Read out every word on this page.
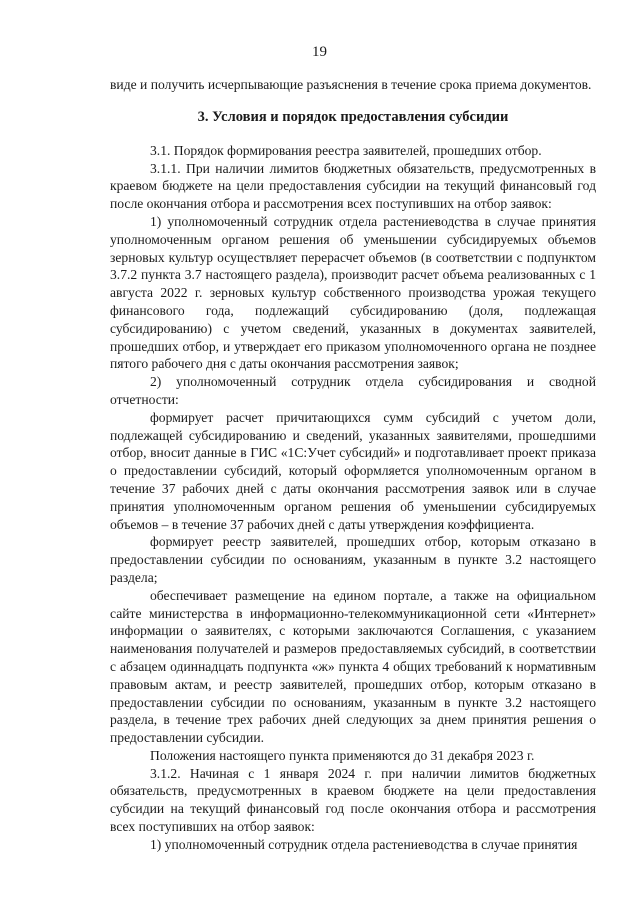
19

виде и получить исчерпывающие разъяснения в течение срока приема документов.

3. Условия и порядок предоставления субсидии

3.1. Порядок формирования реестра заявителей, прошедших отбор.

3.1.1. При наличии лимитов бюджетных обязательств, предусмотренных в краевом бюджете на цели предоставления субсидии на текущий финансовый год после окончания отбора и рассмотрения всех поступивших на отбор заявок:

1) уполномоченный сотрудник отдела растениеводства в случае принятия уполномоченным органом решения об уменьшении субсидируемых объемов зерновых культур осуществляет перерасчет объемов (в соответствии с подпунктом 3.7.2 пункта 3.7 настоящего раздела), производит расчет объема реализованных с 1 августа 2022 г. зерновых культур собственного производства урожая текущего финансового года, подлежащий субсидированию (доля, подлежащая субсидированию) с учетом сведений, указанных в документах заявителей, прошедших отбор, и утверждает его приказом уполномоченного органа не позднее пятого рабочего дня с даты окончания рассмотрения заявок;

2) уполномоченный сотрудник отдела субсидирования и сводной отчетности:

формирует расчет причитающихся сумм субсидий с учетом доли, подлежащей субсидированию и сведений, указанных заявителями, прошедшими отбор, вносит данные в ГИС «1С:Учет субсидий» и подготавливает проект приказа о предоставлении субсидий, который оформляется уполномоченным органом в течение 37 рабочих дней с даты окончания рассмотрения заявок или в случае принятия уполномоченным органом решения об уменьшении субсидируемых объемов – в течение 37 рабочих дней с даты утверждения коэффициента.

формирует реестр заявителей, прошедших отбор, которым отказано в предоставлении субсидии по основаниям, указанным в пункте 3.2 настоящего раздела;

обеспечивает размещение на едином портале, а также на официальном сайте министерства в информационно-телекоммуникационной сети «Интернет» информации о заявителях, с которыми заключаются Соглашения, с указанием наименования получателей и размеров предоставляемых субсидий, в соответствии с абзацем одиннадцать подпункта «ж» пункта 4 общих требований к нормативным правовым актам, и реестр заявителей, прошедших отбор, которым отказано в предоставлении субсидии по основаниям, указанным в пункте 3.2 настоящего раздела, в течение трех рабочих дней следующих за днем принятия решения о предоставлении субсидии.

Положения настоящего пункта применяются до 31 декабря 2023 г.

3.1.2. Начиная с 1 января 2024 г. при наличии лимитов бюджетных обязательств, предусмотренных в краевом бюджете на цели предоставления субсидии на текущий финансовый год после окончания отбора и рассмотрения всех поступивших на отбор заявок:

1) уполномоченный сотрудник отдела растениеводства в случае принятия
